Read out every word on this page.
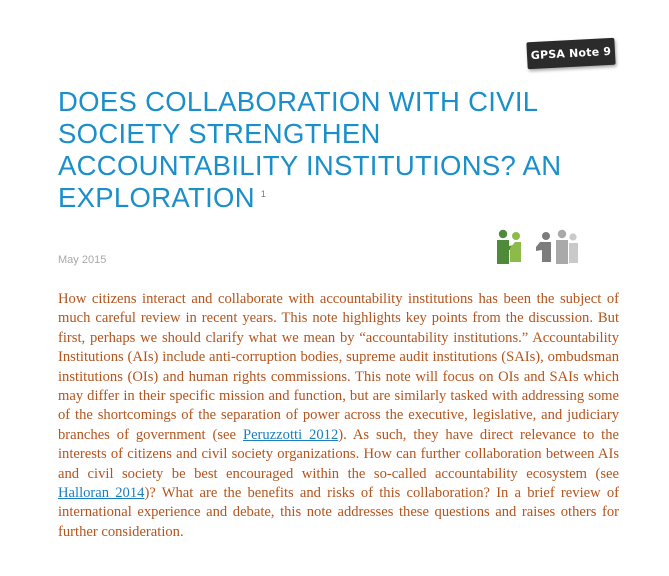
GPSA Note 9
DOES COLLABORATION WITH CIVIL SOCIETY STRENGTHEN ACCOUNTABILITY INSTITUTIONS? AN EXPLORATION $^1$
May 2015

How citizens interact and collaborate with accountability institutions has been the subject of much careful review in recent years. This note highlights key points from the discussion. But first, perhaps we should clarify what we mean by “accountability institutions.” Accountability Institutions (AIs) include anti-corruption bodies, supreme audit institutions (SAIs), ombudsman institutions (OIs) and human rights commissions. This note will focus on OIs and SAIs which may differ in their specific mission and function, but are similarly tasked with addressing some of the shortcomings of the separation of power across the executive, legislative, and judiciary branches of government (see Peruzzotti 2012). As such, they have direct relevance to the interests of citizens and civil society organizations. How can further collaboration between AIs and civil society be best encouraged within the so-called accountability ecosystem (see Halloran 2014)? What are the benefits and risks of this collaboration? In a brief review of international experience and debate, this note addresses these questions and raises others for further consideration.
